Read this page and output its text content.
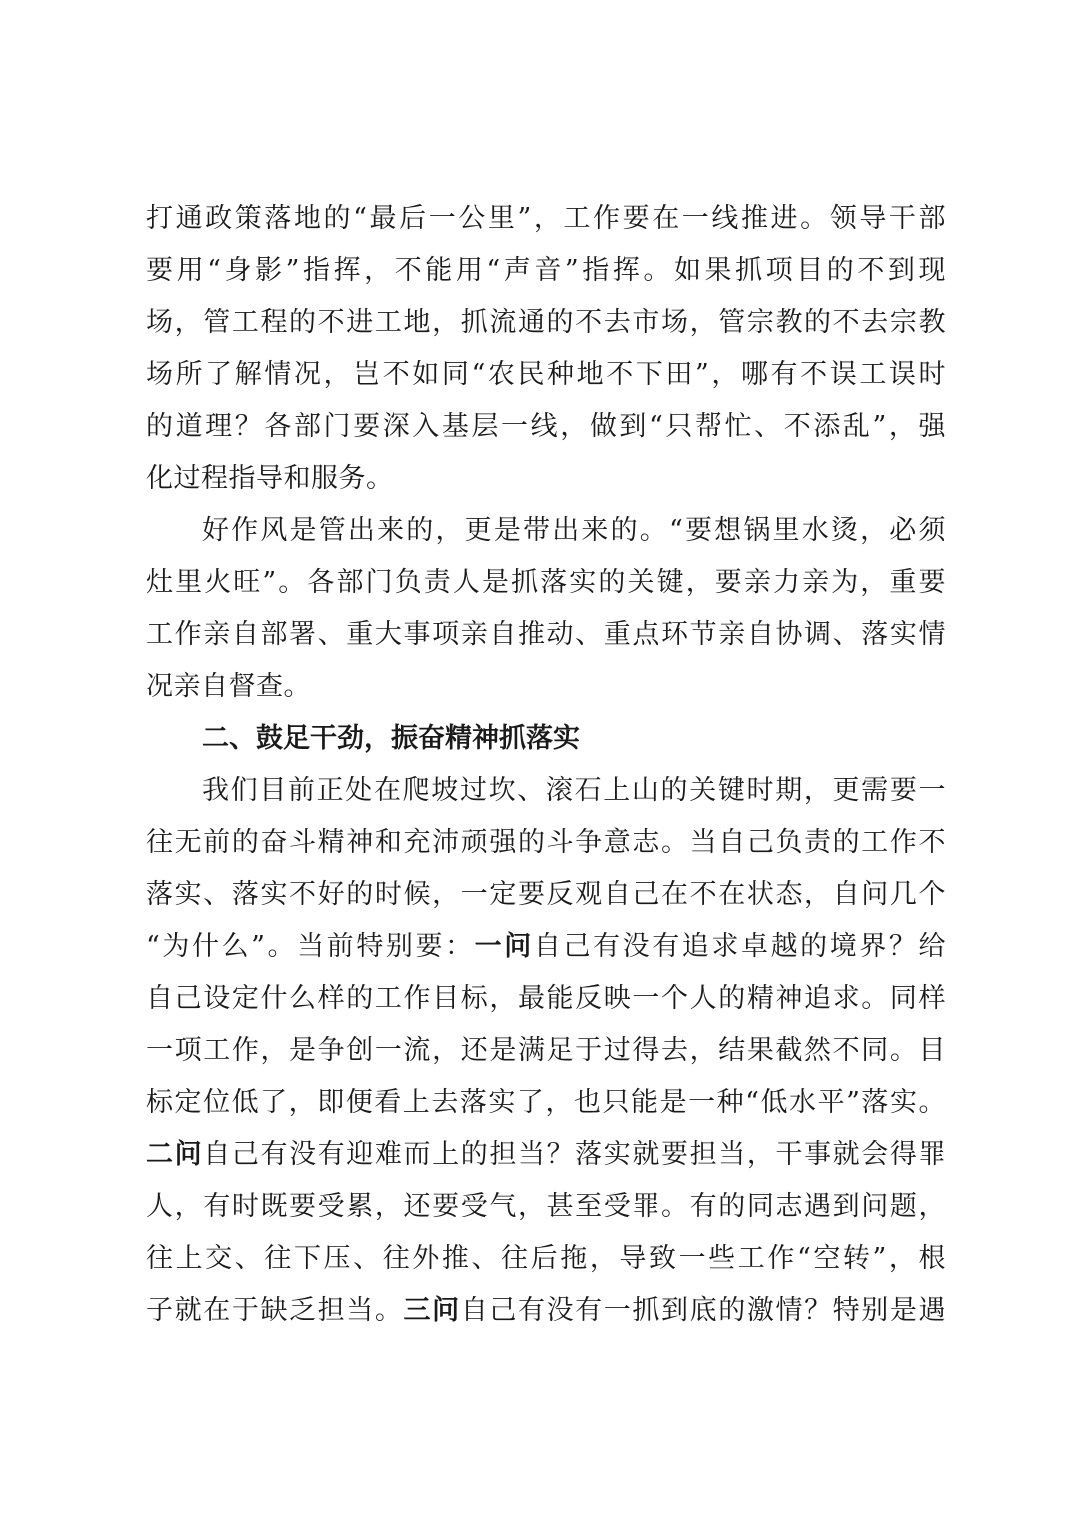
打通政策落地的“最后一公里”，工作要在一线推进。领导干部
要用“身影”指挥，不能用“声音”指挥。如果抓项目的不到现
场，管工程的不进工地，抓流通的不去市场，管宗教的不去宗教
场所了解情况，岂不如同“农民种地不下田”，哪有不误工误时
的道理？各部门要深入基层一线，做到“只帮忙、不添乱”，强
化过程指导和服务。
好作风是管出来的，更是带出来的。“要想锅里水烫，必须
灶里火旺”。各部门负责人是抓落实的关键，要亲力亲为，重要
工作亲自部署、重大事项亲自推动、重点环节亲自协调、落实情
况亲自督查。
二、鼓足干劲，振奋精神抓落实
我们目前正处在爬坡过坎、滚石上山的关键时期，更需要一
往无前的奋斗精神和充沛顽强的斗争意志。当自己负责的工作不
落实、落实不好的时候，一定要反观自己在不在状态，自问几个
“为什么”。当前特别要：一问自己有没有追求卓越的境界？给
自己设定什么样的工作目标，最能反映一个人的精神追求。同样
一项工作，是争创一流，还是满足于过得去，结果截然不同。目
标定位低了，即便看上去落实了，也只能是一种“低水平”落实。
二问自己有没有迎难而上的担当？落实就要担当，干事就会得罪
人，有时既要受累，还要受气，甚至受罪。有的同志遇到问题，
往上交、往下压、往外推、往后拖，导致一些工作“空转”，根
子就在于缺乏担当。三问自己有没有一抓到底的激情？特别是遇
